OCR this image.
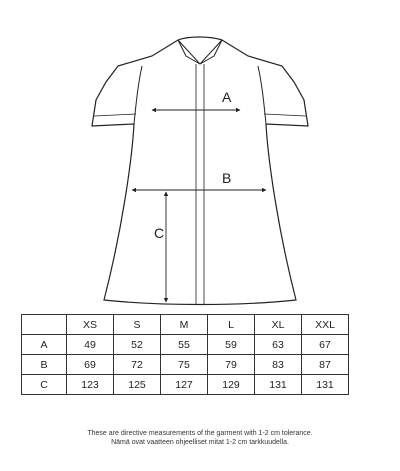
A
B
C
	XS	S	M	L	XL	XXL
A	49	52	55	59	63	67
B	69	72	75	79	83	87
C	123	125	127	129	131	131
These are directive measurements of the garment with 1-2 cm tolerance.
Nämä ovat vaatteen ohjeelliset mitat 1-2 cm tarkkuudella.
